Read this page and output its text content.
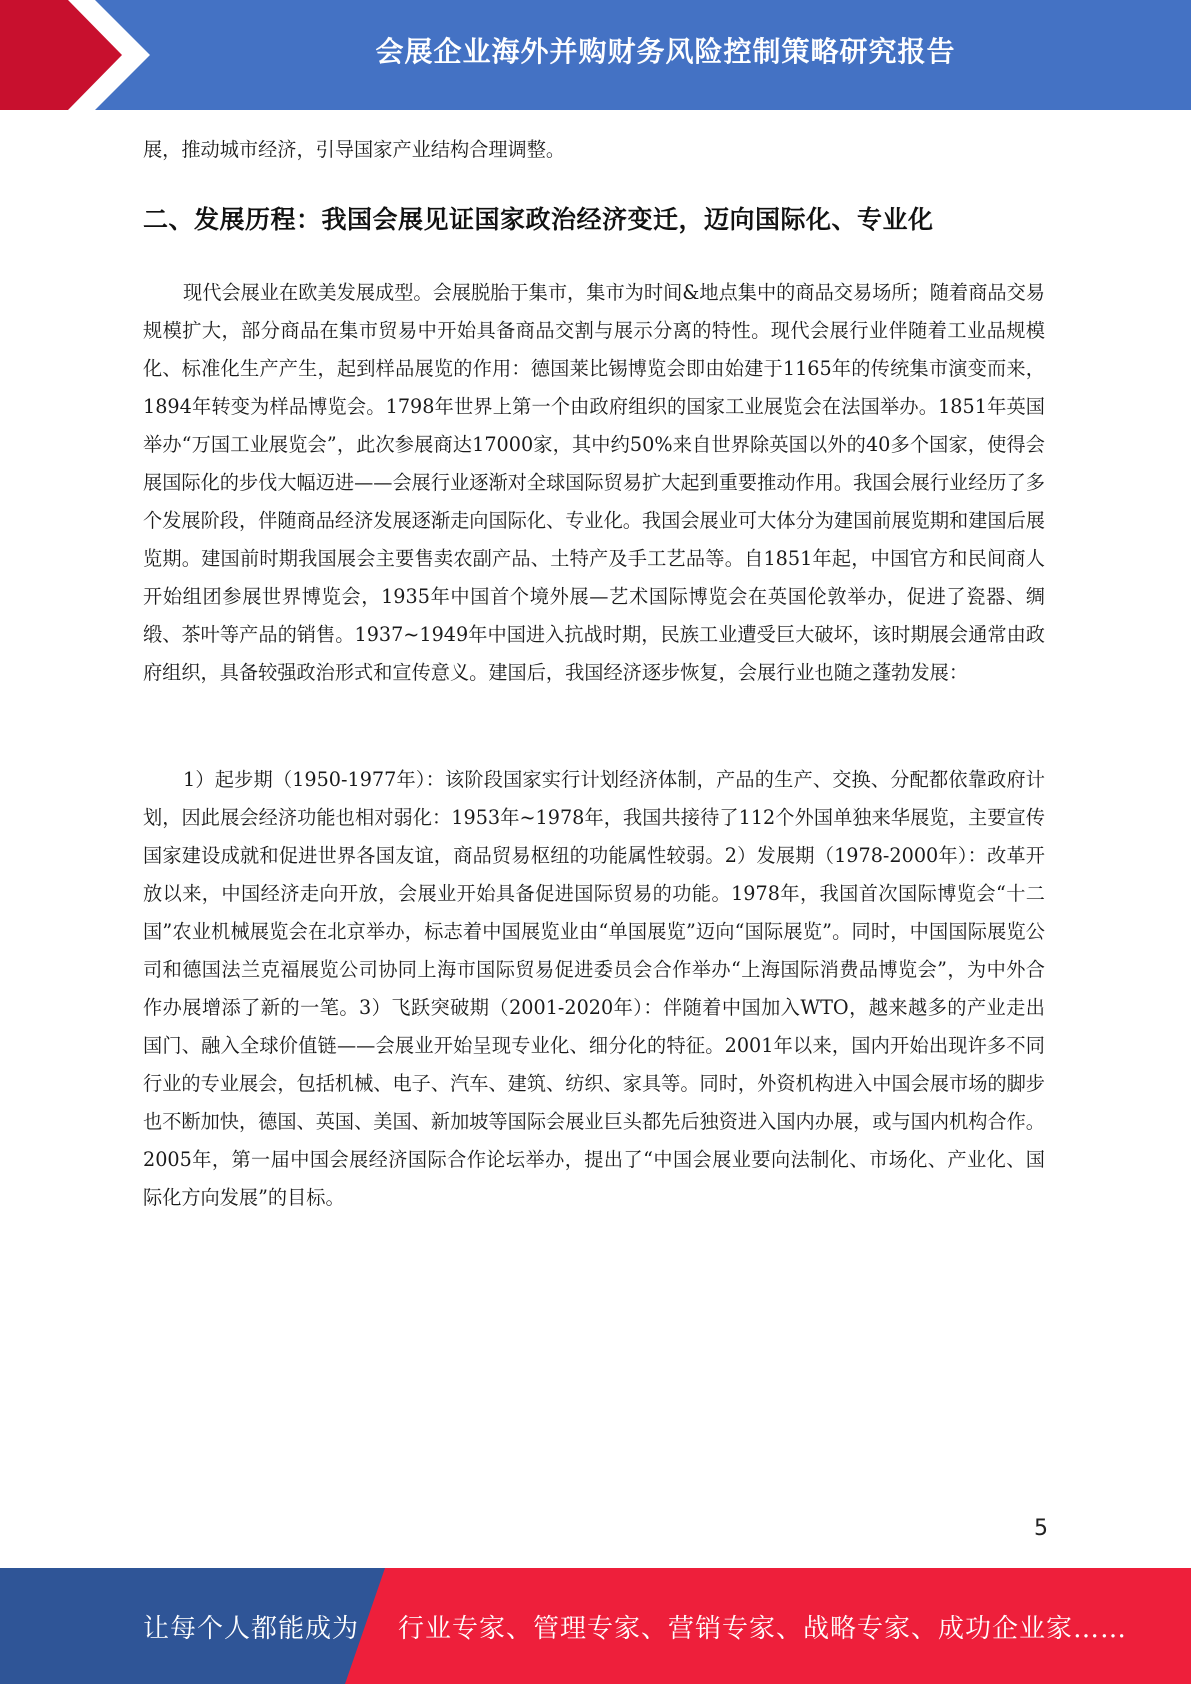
会展企业海外并购财务风险控制策略研究报告

展，推动城市经济，引导国家产业结构合理调整。

二、发展历程：我国会展见证国家政治经济变迁，迈向国际化、专业化

现代会展业在欧美发展成型。会展脱胎于集市，集市为时间&地点集中的商品交易场所；随着商品交易规模扩大，部分商品在集市贸易中开始具备商品交割与展示分离的特性。现代会展行业伴随着工业品规模化、标准化生产产生，起到样品展览的作用：德国莱比锡博览会即由始建于1165年的传统集市演变而来，1894年转变为样品博览会。1798年世界上第一个由政府组织的国家工业展览会在法国举办。1851年英国举办“万国工业展览会”，此次参展商达17000家，其中约50%来自世界除英国以外的40多个国家，使得会展国际化的步伐大幅迈进——会展行业逐渐对全球国际贸易扩大起到重要推动作用。我国会展行业经历了多个发展阶段，伴随商品经济发展逐渐走向国际化、专业化。我国会展业可大体分为建国前展览期和建国后展览期。建国前时期我国展会主要售卖农副产品、土特产及手工艺品等。自1851年起，中国官方和民间商人开始组团参展世界博览会，1935年中国首个境外展—艺术国际博览会在英国伦敦举办，促进了瓷器、绸缎、茶叶等产品的销售。1937~1949年中国进入抗战时期，民族工业遭受巨大破坏，该时期展会通常由政府组织，具备较强政治形式和宣传意义。建国后，我国经济逐步恢复，会展行业也随之蓬勃发展：

1）起步期（1950-1977年）：该阶段国家实行计划经济体制，产品的生产、交换、分配都依靠政府计划，因此展会经济功能也相对弱化：1953年~1978年，我国共接待了112个外国单独来华展览，主要宣传国家建设成就和促进世界各国友谊，商品贸易枢纽的功能属性较弱。2）发展期（1978-2000年）：改革开放以来，中国经济走向开放，会展业开始具备促进国际贸易的功能。1978年，我国首次国际博览会“十二国”农业机械展览会在北京举办，标志着中国展览业由“单国展览”迈向“国际展览”。同时，中国国际展览公司和德国法兰克福展览公司协同上海市国际贸易促进委员会合作举办“上海国际消费品博览会”，为中外合作办展增添了新的一笔。3）飞跃突破期（2001-2020年）：伴随着中国加入WTO，越来越多的产业走出国门、融入全球价值链——会展业开始呈现专业化、细分化的特征。2001年以来，国内开始出现许多不同行业的专业展会，包括机械、电子、汽车、建筑、纺织、家具等。同时，外资机构进入中国会展市场的脚步也不断加快，德国、英国、美国、新加坡等国际会展业巨头都先后独资进入国内办展，或与国内机构合作。2005年，第一届中国会展经济国际合作论坛举办，提出了“中国会展业要向法制化、市场化、产业化、国际化方向发展”的目标。

5
让每个人都能成为 行业专家、管理专家、营销专家、战略专家、成功企业家……
